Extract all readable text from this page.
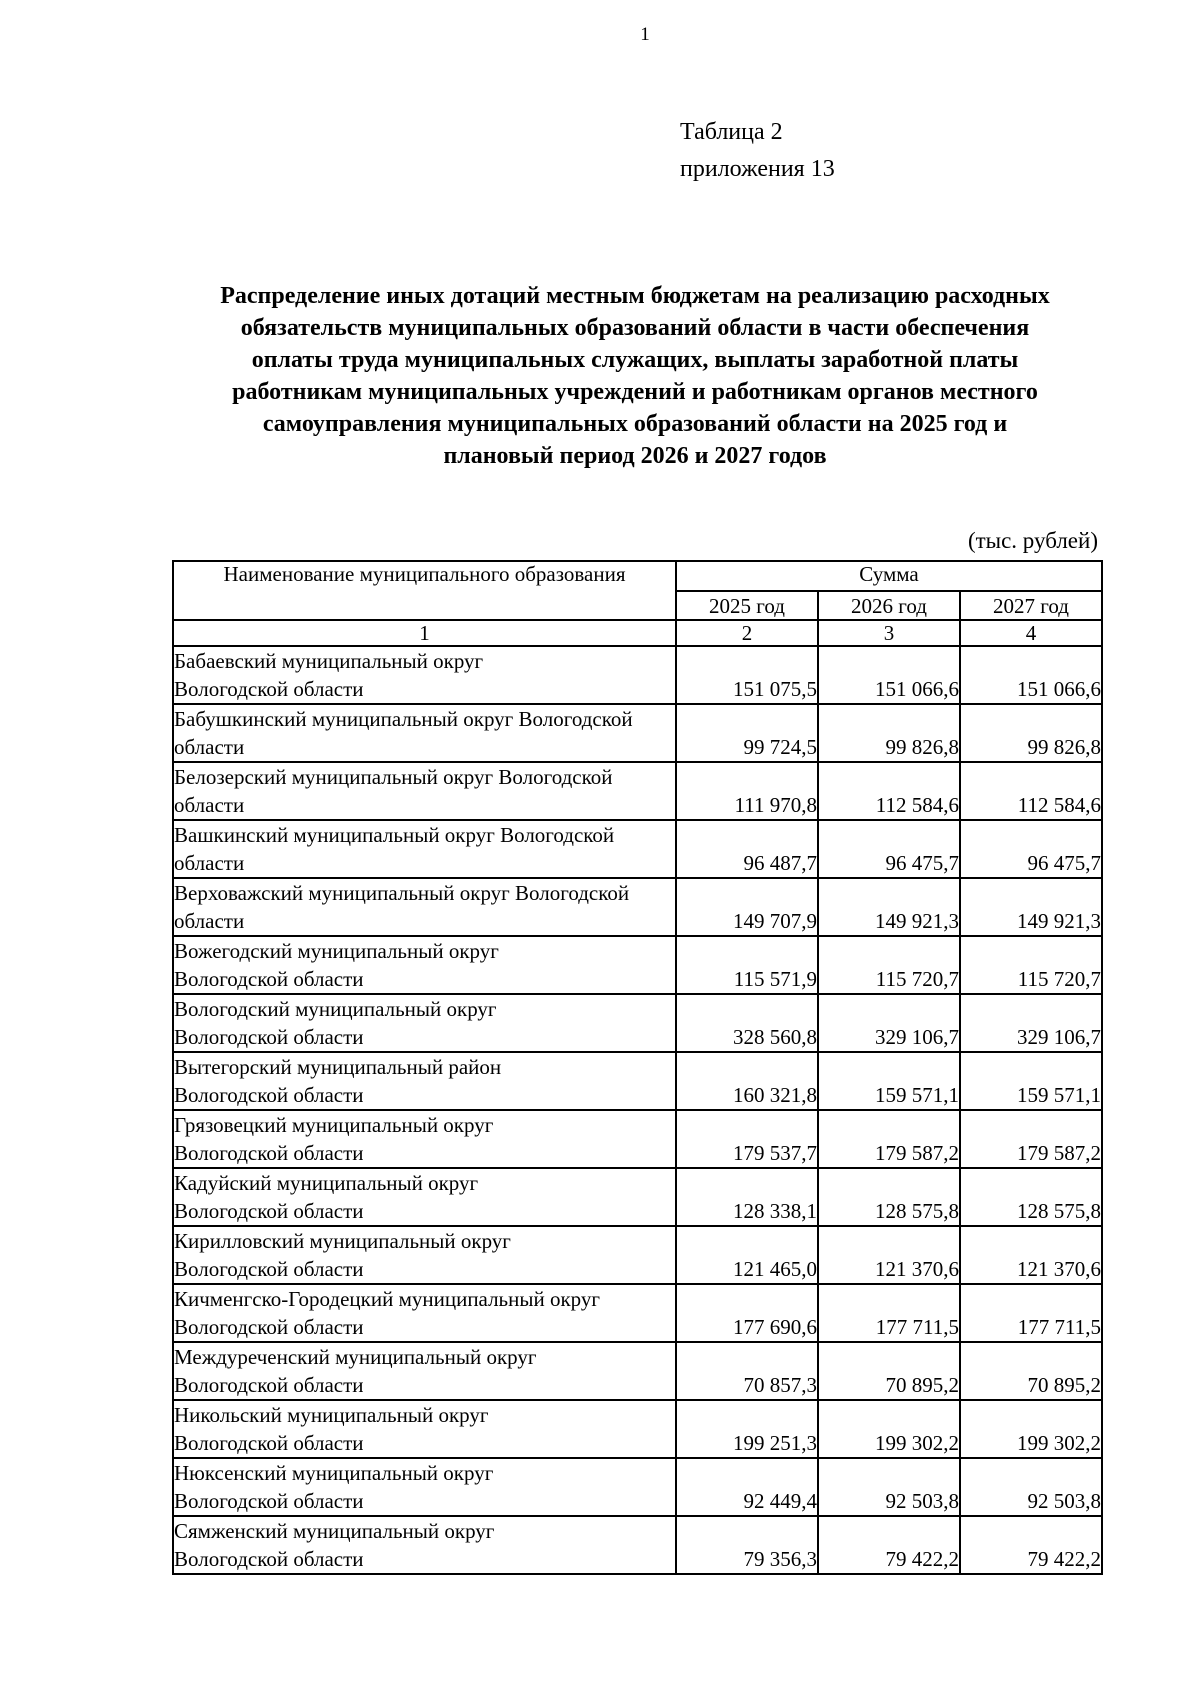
1
Таблица 2
приложения 13
Распределение иных дотаций местным бюджетам на реализацию расходных
обязательств муниципальных образований области в части обеспечения
оплаты труда муниципальных служащих, выплаты заработной платы
работникам муниципальных учреждений и работникам органов местного
самоуправления муниципальных образований области на 2025 год и
плановый период 2026 и 2027 годов
(тыс. рублей)
Наименование муниципального образования	Сумма		
	2025 год	2026 год	2027 год
1	2	3	4

Бабаевский муниципальный округ
Вологодской области	151 075,5	151 066,6	151 066,6

Бабушкинский муниципальный округ Вологодской
области	99 724,5	99 826,8	99 826,8

Белозерский муниципальный округ Вологодской
области	111 970,8	112 584,6	112 584,6

Вашкинский муниципальный округ Вологодской
области	96 487,7	96 475,7	96 475,7

Верховажский муниципальный округ Вологодской
области	149 707,9	149 921,3	149 921,3

Вожегодский муниципальный округ
Вологодской области	115 571,9	115 720,7	115 720,7

Вологодский муниципальный округ
Вологодской области	328 560,8	329 106,7	329 106,7

Вытегорский муниципальный район
Вологодской области	160 321,8	159 571,1	159 571,1

Грязовецкий муниципальный округ
Вологодской области	179 537,7	179 587,2	179 587,2

Кадуйский муниципальный округ
Вологодской области	128 338,1	128 575,8	128 575,8

Кирилловский муниципальный округ
Вологодской области	121 465,0	121 370,6	121 370,6

Кичменгско-Городецкий муниципальный округ
Вологодской области	177 690,6	177 711,5	177 711,5

Междуреченский муниципальный округ
Вологодской области	70 857,3	70 895,2	70 895,2

Никольский муниципальный округ
Вологодской области	199 251,3	199 302,2	199 302,2

Нюксенский муниципальный округ
Вологодской области	92 449,4	92 503,8	92 503,8

Сямженский муниципальный округ
Вологодской области	79 356,3	79 422,2	79 422,2
